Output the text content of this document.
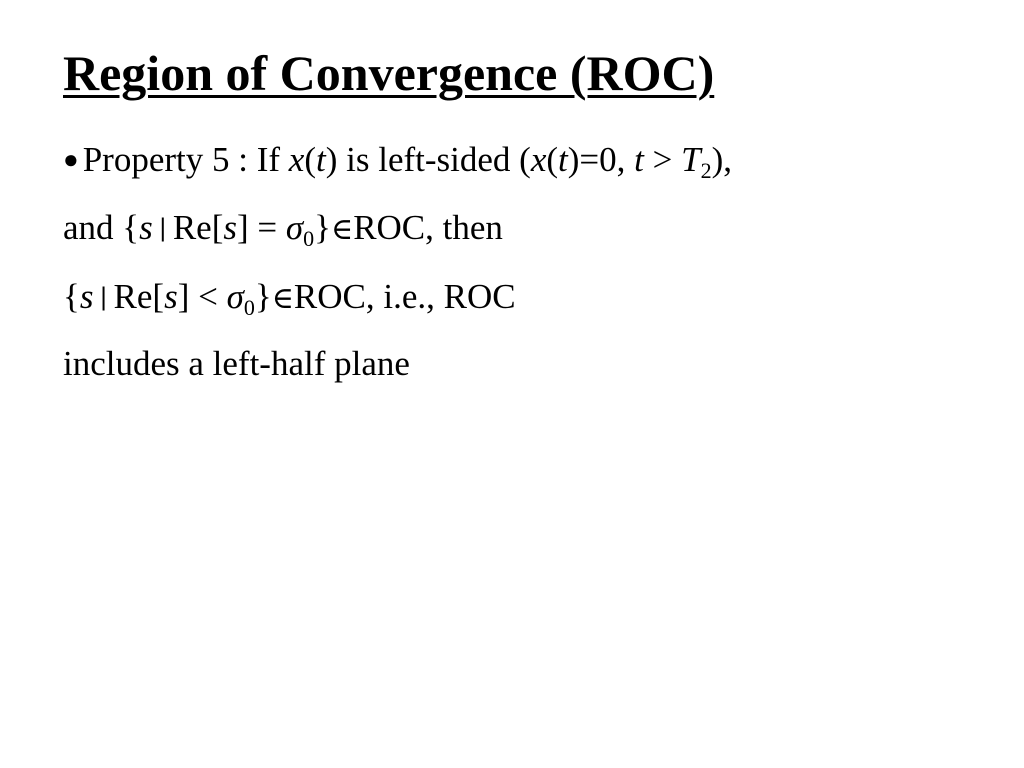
Region of Convergence (ROC)
● Property 5 : If x(t) is left-sided (x(t)=0, $t > T_2$),
and {s | $Re[s] = \sigma_0\}\in ROC$, then
{s | $Re[s] < \sigma_0\}\in ROC$, i.e., ROC
includes a left-half plane
